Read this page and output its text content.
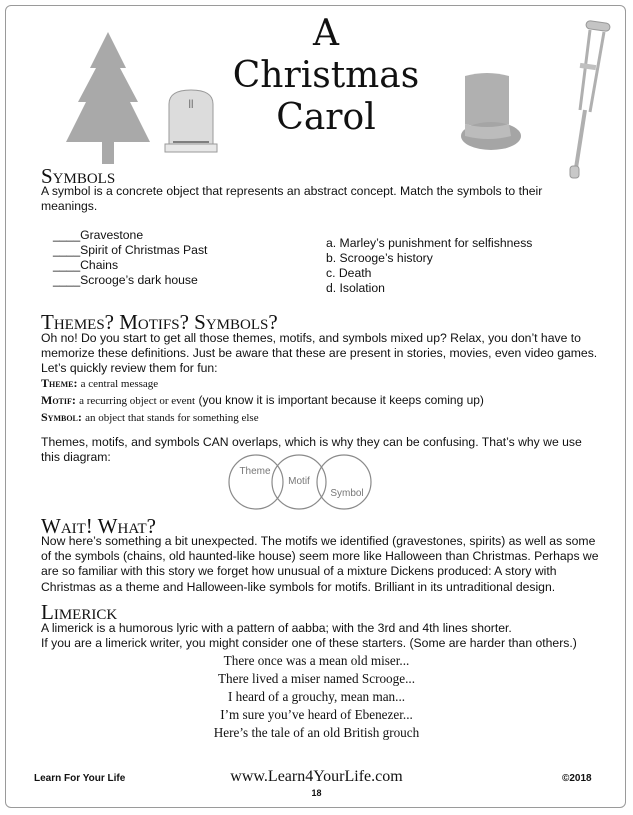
||
A
Christmas
Carol
Symbols
A symbol is a concrete object that represents an abstract concept. Match the symbols to their meanings.
____Gravestone
____Spirit of Christmas Past
____Chains
____Scrooge’s dark house
a. Marley’s punishment for selfishness
b. Scrooge’s history
c. Death
d. Isolation
Themes? Motifs? Symbols?
Oh no! Do you start to get all those themes, motifs, and symbols mixed up? Relax, you don’t have to memorize these definitions. Just be aware that these are present in stories, movies, even video games. Let’s quickly review them for fun:
Theme: a central message
Motif: a recurring object or event (you know it is important because it keeps coming up)
Symbol: an object that stands for something else
Themes, motifs, and symbols CAN overlaps, which is why they can be confusing. That’s why we use this diagram:
Theme
Motif
Symbol
Wait! What?
Now here’s something a bit unexpected. The motifs we identified (gravestones, spirits) as well as some of the symbols (chains, old haunted-like house) seem more like Halloween than Christmas. Perhaps we are so familiar with this story we forget how unusual of a mixture Dickens produced: A story with Christmas as a theme and Halloween-like symbols for motifs. Brilliant in its untraditional design.
Limerick
A limerick is a humorous lyric with a pattern of aabba; with the 3rd and 4th lines shorter.
If you are a limerick writer, you might consider one of these starters. (Some are harder than others.)
There once was a mean old miser...
There lived a miser named Scrooge...
I heard of a grouchy, mean man...
I’m sure you’ve heard of Ebenezer...
Here’s the tale of an old British grouch
Learn For Your Life	www.Learn4YourLife.com	©2018
18
